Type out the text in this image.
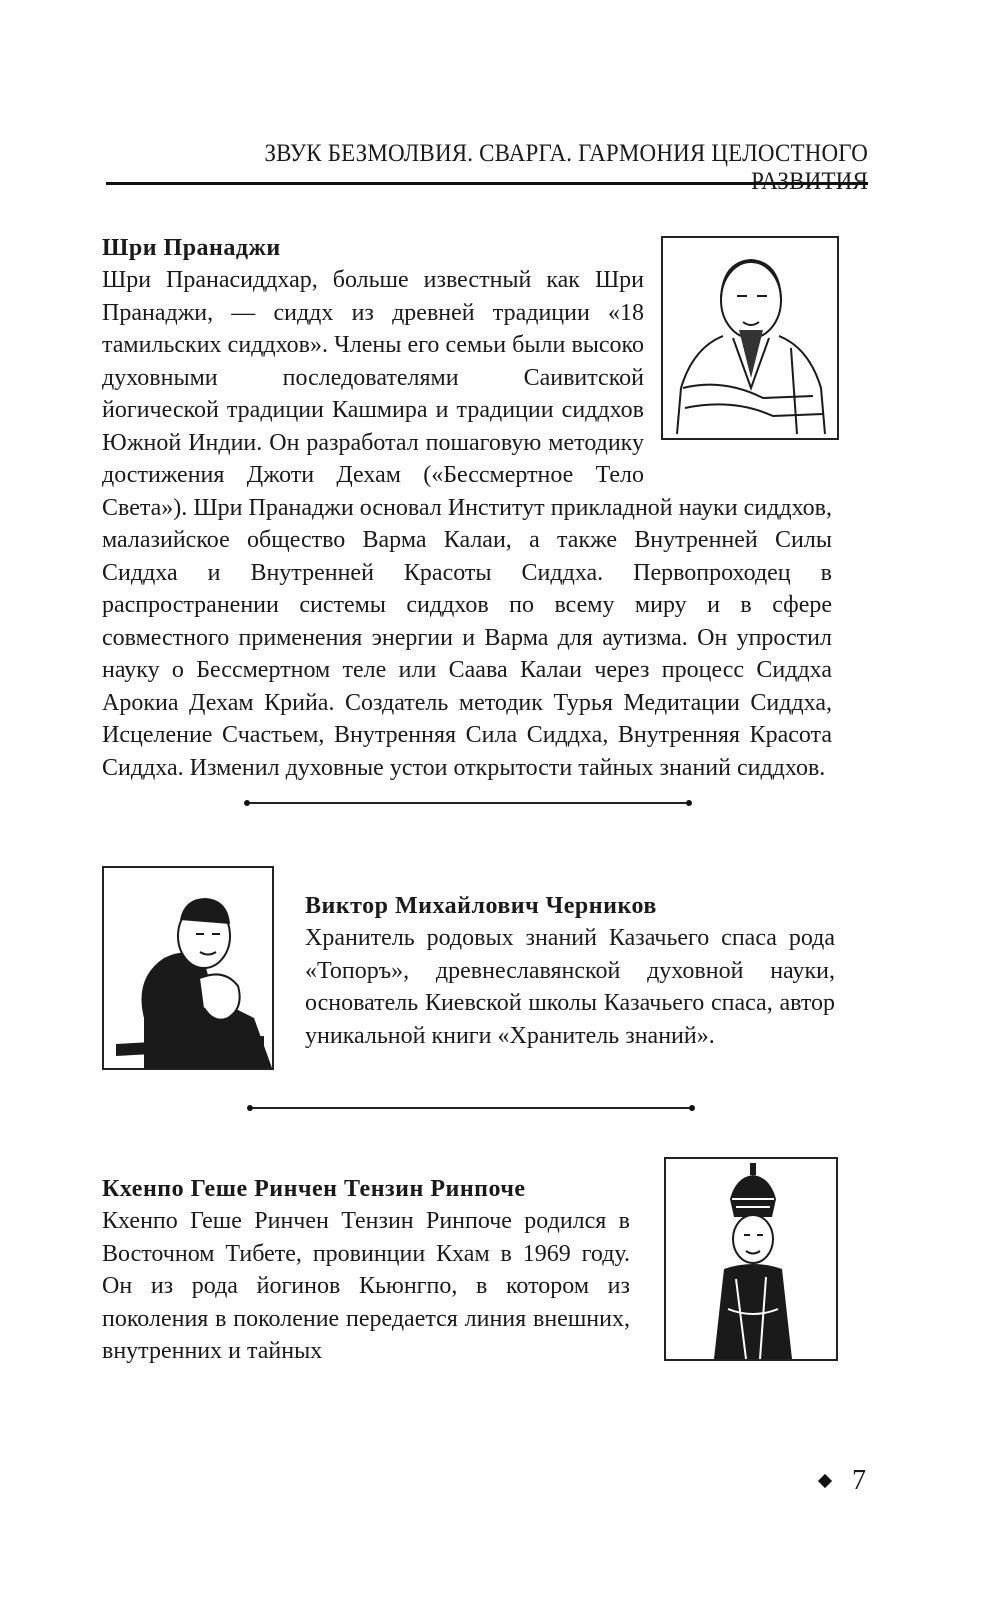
ЗВУК БЕЗМОЛВИЯ. СВАРГА. ГАРМОНИЯ ЦЕЛОСТНОГО
Шри Пранаджи
Шри Пранасиддхар, больше известный как Шри Пранаджи, — сиддх из древней традиции «18 тамильских сиддхов». Члены его семьи были высоко духовными последователями Саивитской йогической традиции Кашмира и традиции сиддхов Южной Индии. Он разработал пошаговую методику достижения Джоти Дехам («Бессмертное Тело Света»). Шри Пранаджи основал Институт прикладной науки сиддхов, малазийское общество Варма Калаи, а также Внутренней Силы Сиддха и Внутренней Красоты Сиддха. Первопроходец в распространении системы сиддхов по всему миру и в сфере совместного применения энергии и Варма для аутизма. Он упростил науку о Бессмертном теле или Саава Калаи через процесс Сиддха Арокиа Дехам Крийа. Создатель методик Турья Медитации Сиддха, Исцеление Счастьем, Внутренняя Сила Сиддха, Внутренняя Красота Сиддха. Изменил духовные устои открытости тайных знаний сиддхов.
Виктор Михайлович Черников
Хранитель родовых знаний Казачьего спаса рода «Топоръ», древнеславянской духовной науки, основатель Киевской школы Казачьего спаса, автор уникальной книги «Хранитель знаний».
Кхенпо Геше Ринчен Тензин Ринпоче
Кхенпо Геше Ринчен Тензин Ринпоче родился в Восточном Тибете, провинции Кхам в 1969 году. Он из рода йогинов Кьюнгпо, в котором из поколения в поколение передается линия внешних, внутренних и тайных
7
